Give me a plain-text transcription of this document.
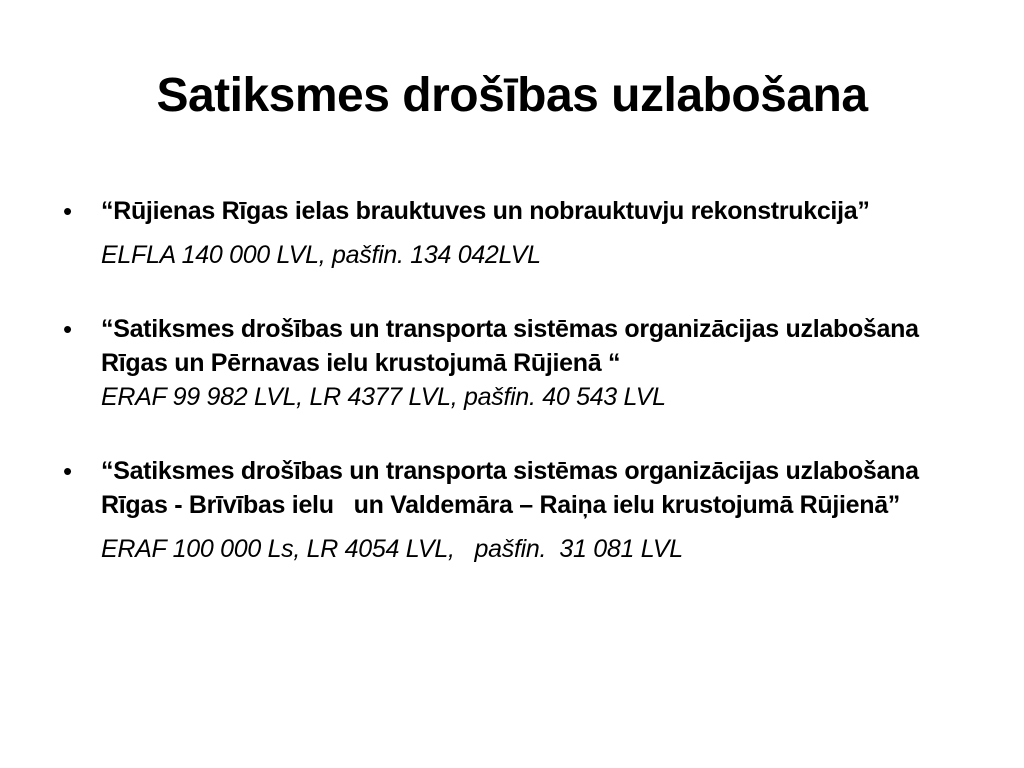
Satiksmes drošības uzlabošana
• “Rūjienas Rīgas ielas brauktuves un nobrauktuvju rekonstrukcija”
ELFLA 140 000 LVL, pašfin. 134 042LVL
• “Satiksmes drošības un transporta sistēmas organizācijas uzlabošana Rīgas un Pērnavas ielu krustojumā Rūjienā “
ERAF 99 982 LVL, LR 4377 LVL, pašfin. 40 543 LVL
• “Satiksmes drošības un transporta sistēmas organizācijas uzlabošana Rīgas - Brīvības ielu   un Valdemāra – Raiņa ielu krustojumā Rūjienā”
ERAF 100 000 Ls, LR 4054 LVL,   pašfin.  31 081 LVL
